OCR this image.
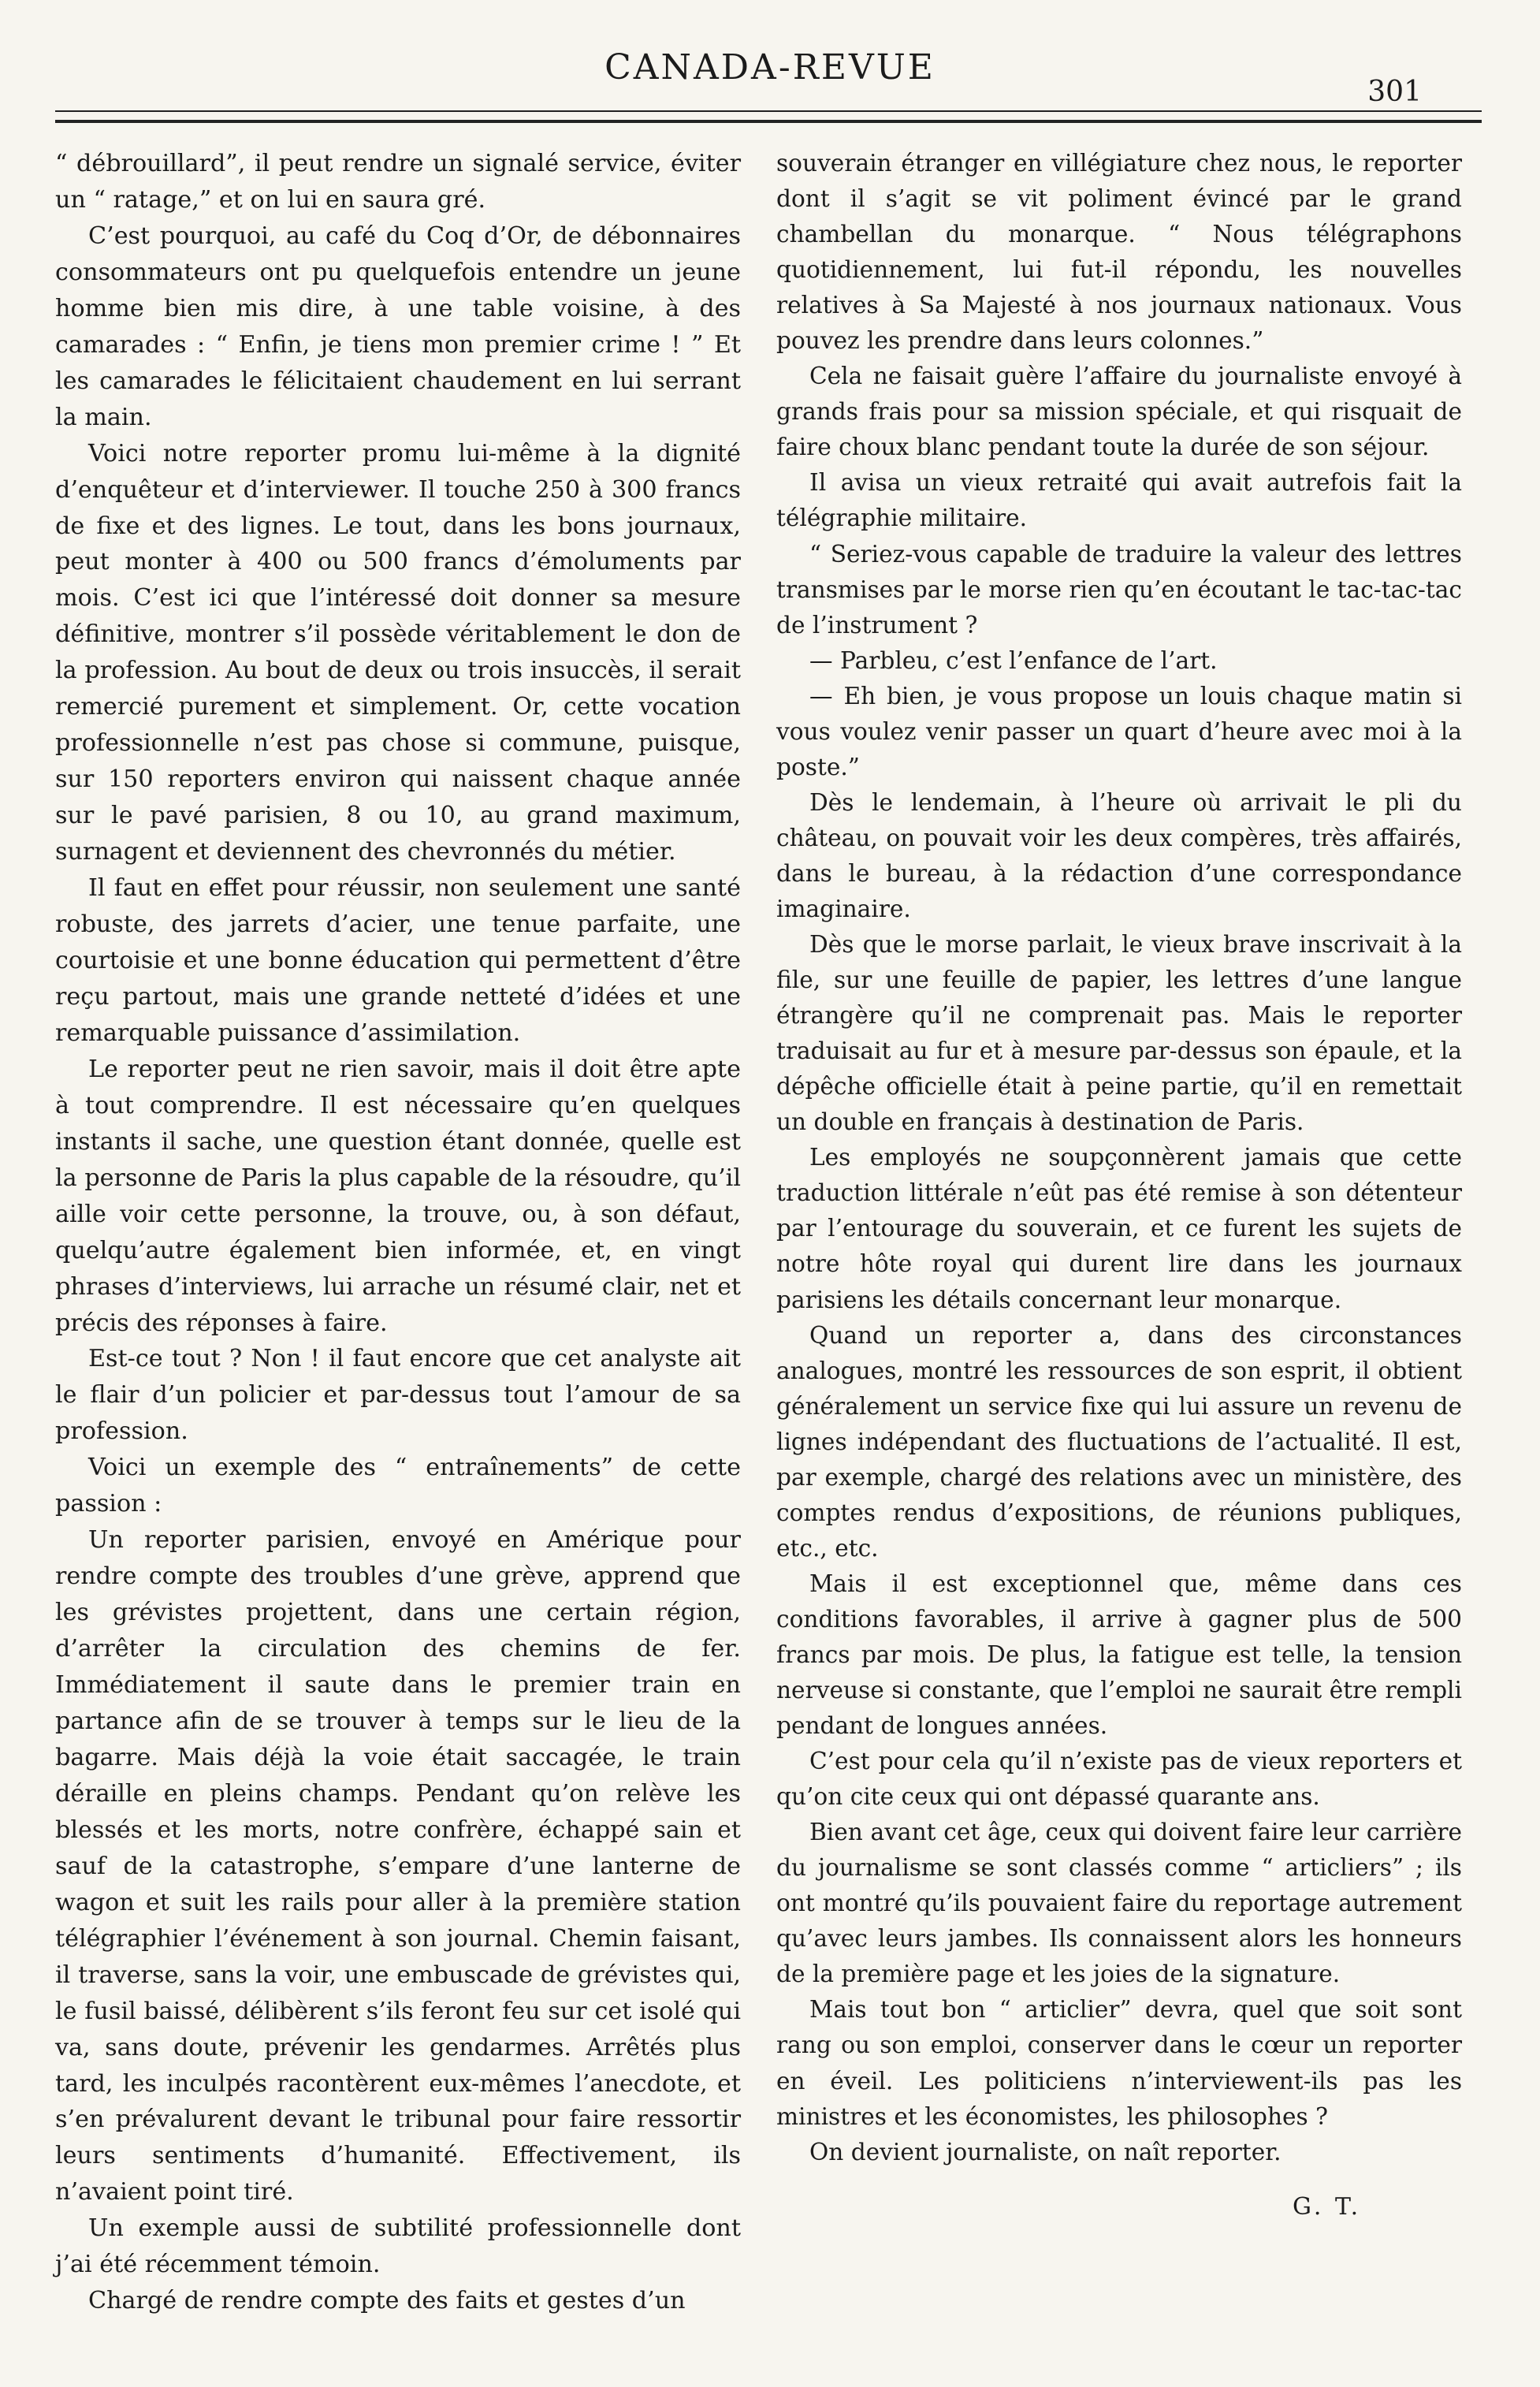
CANADA-REVUE
301

“ débrouillard”, il peut rendre un signalé service, éviter un “ ratage,” et on lui en saura gré.

C’est pourquoi, au café du Coq d’Or, de débonnaires consommateurs ont pu quelquefois entendre un jeune homme bien mis dire, à une table voisine, à des camarades : “ Enfin, je tiens mon premier crime ! ” Et les camarades le félicitaient chaudement en lui serrant la main.

Voici notre reporter promu lui-même à la dignité d’enquêteur et d’interviewer. Il touche 250 à 300 francs de fixe et des lignes. Le tout, dans les bons journaux, peut monter à 400 ou 500 francs d’émoluments par mois. C’est ici que l’intéressé doit donner sa mesure définitive, montrer s’il possède véritablement le don de la profession. Au bout de deux ou trois insuccès, il serait remercié purement et simplement. Or, cette vocation professionnelle n’est pas chose si commune, puisque, sur 150 reporters environ qui naissent chaque année sur le pavé parisien, 8 ou 10, au grand maximum, surnagent et deviennent des chevronnés du métier.

Il faut en effet pour réussir, non seulement une santé robuste, des jarrets d’acier, une tenue parfaite, une courtoisie et une bonne éducation qui permettent d’être reçu partout, mais une grande netteté d’idées et une remarquable puissance d’assimilation.

Le reporter peut ne rien savoir, mais il doit être apte à tout comprendre. Il est nécessaire qu’en quelques instants il sache, une question étant donnée, quelle est la personne de Paris la plus capable de la résoudre, qu’il aille voir cette personne, la trouve, ou, à son défaut, quelqu’autre également bien informée, et, en vingt phrases d’interviews, lui arrache un résumé clair, net et précis des réponses à faire.

Est-ce tout ? Non ! il faut encore que cet analyste ait le flair d’un policier et par-dessus tout l’amour de sa profession.

Voici un exemple des “ entraînements” de cette passion :

Un reporter parisien, envoyé en Amérique pour rendre compte des troubles d’une grève, apprend que les grévistes projettent, dans une certain région, d’arrêter la circulation des chemins de fer. Immédiatement il saute dans le premier train en partance afin de se trouver à temps sur le lieu de la bagarre. Mais déjà la voie était saccagée, le train déraille en pleins champs. Pendant qu’on relève les blessés et les morts, notre confrère, échappé sain et sauf de la catastrophe, s’empare d’une lanterne de wagon et suit les rails pour aller à la première station télégraphier l’événement à son journal. Chemin faisant, il traverse, sans la voir, une embuscade de grévistes qui, le fusil baissé, délibèrent s’ils feront feu sur cet isolé qui va, sans doute, prévenir les gendarmes. Arrêtés plus tard, les inculpés racontèrent eux-mêmes l’anecdote, et s’en prévalurent devant le tribunal pour faire ressortir leurs sentiments d’humanité. Effectivement, ils n’avaient point tiré.

Un exemple aussi de subtilité professionnelle dont j’ai été récemment témoin.

Chargé de rendre compte des faits et gestes d’un

souverain étranger en villégiature chez nous, le reporter dont il s’agit se vit poliment évincé par le grand chambellan du monarque. “ Nous télégraphons quotidiennement, lui fut-il répondu, les nouvelles relatives à Sa Majesté à nos journaux nationaux. Vous pouvez les prendre dans leurs colonnes.”

Cela ne faisait guère l’affaire du journaliste envoyé à grands frais pour sa mission spéciale, et qui risquait de faire choux blanc pendant toute la durée de son séjour.

Il avisa un vieux retraité qui avait autrefois fait la télégraphie militaire.

“ Seriez-vous capable de traduire la valeur des lettres transmises par le morse rien qu’en écoutant le tac-tac-tac de l’instrument ?

— Parbleu, c’est l’enfance de l’art.

— Eh bien, je vous propose un louis chaque matin si vous voulez venir passer un quart d’heure avec moi à la poste.”

Dès le lendemain, à l’heure où arrivait le pli du château, on pouvait voir les deux compères, très affairés, dans le bureau, à la rédaction d’une correspondance imaginaire.

Dès que le morse parlait, le vieux brave inscrivait à la file, sur une feuille de papier, les lettres d’une langue étrangère qu’il ne comprenait pas. Mais le reporter traduisait au fur et à mesure par-dessus son épaule, et la dépêche officielle était à peine partie, qu’il en remettait un double en français à destination de Paris.

Les employés ne soupçonnèrent jamais que cette traduction littérale n’eût pas été remise à son détenteur par l’entourage du souverain, et ce furent les sujets de notre hôte royal qui durent lire dans les journaux parisiens les détails concernant leur monarque.

Quand un reporter a, dans des circonstances analogues, montré les ressources de son esprit, il obtient généralement un service fixe qui lui assure un revenu de lignes indépendant des fluctuations de l’actualité. Il est, par exemple, chargé des relations avec un ministère, des comptes rendus d’expositions, de réunions publiques, etc., etc.

Mais il est exceptionnel que, même dans ces conditions favorables, il arrive à gagner plus de 500 francs par mois. De plus, la fatigue est telle, la tension nerveuse si constante, que l’emploi ne saurait être rempli pendant de longues années.

C’est pour cela qu’il n’existe pas de vieux reporters et qu’on cite ceux qui ont dépassé quarante ans.

Bien avant cet âge, ceux qui doivent faire leur carrière du journalisme se sont classés comme “ articliers” ; ils ont montré qu’ils pouvaient faire du reportage autrement qu’avec leurs jambes. Ils connaissent alors les honneurs de la première page et les joies de la signature.

Mais tout bon “ articlier” devra, quel que soit sont rang ou son emploi, conserver dans le cœur un reporter en éveil. Les politiciens n’interviewent-ils pas les ministres et les économistes, les philosophes ?

On devient journaliste, on naît reporter.

G. T.
